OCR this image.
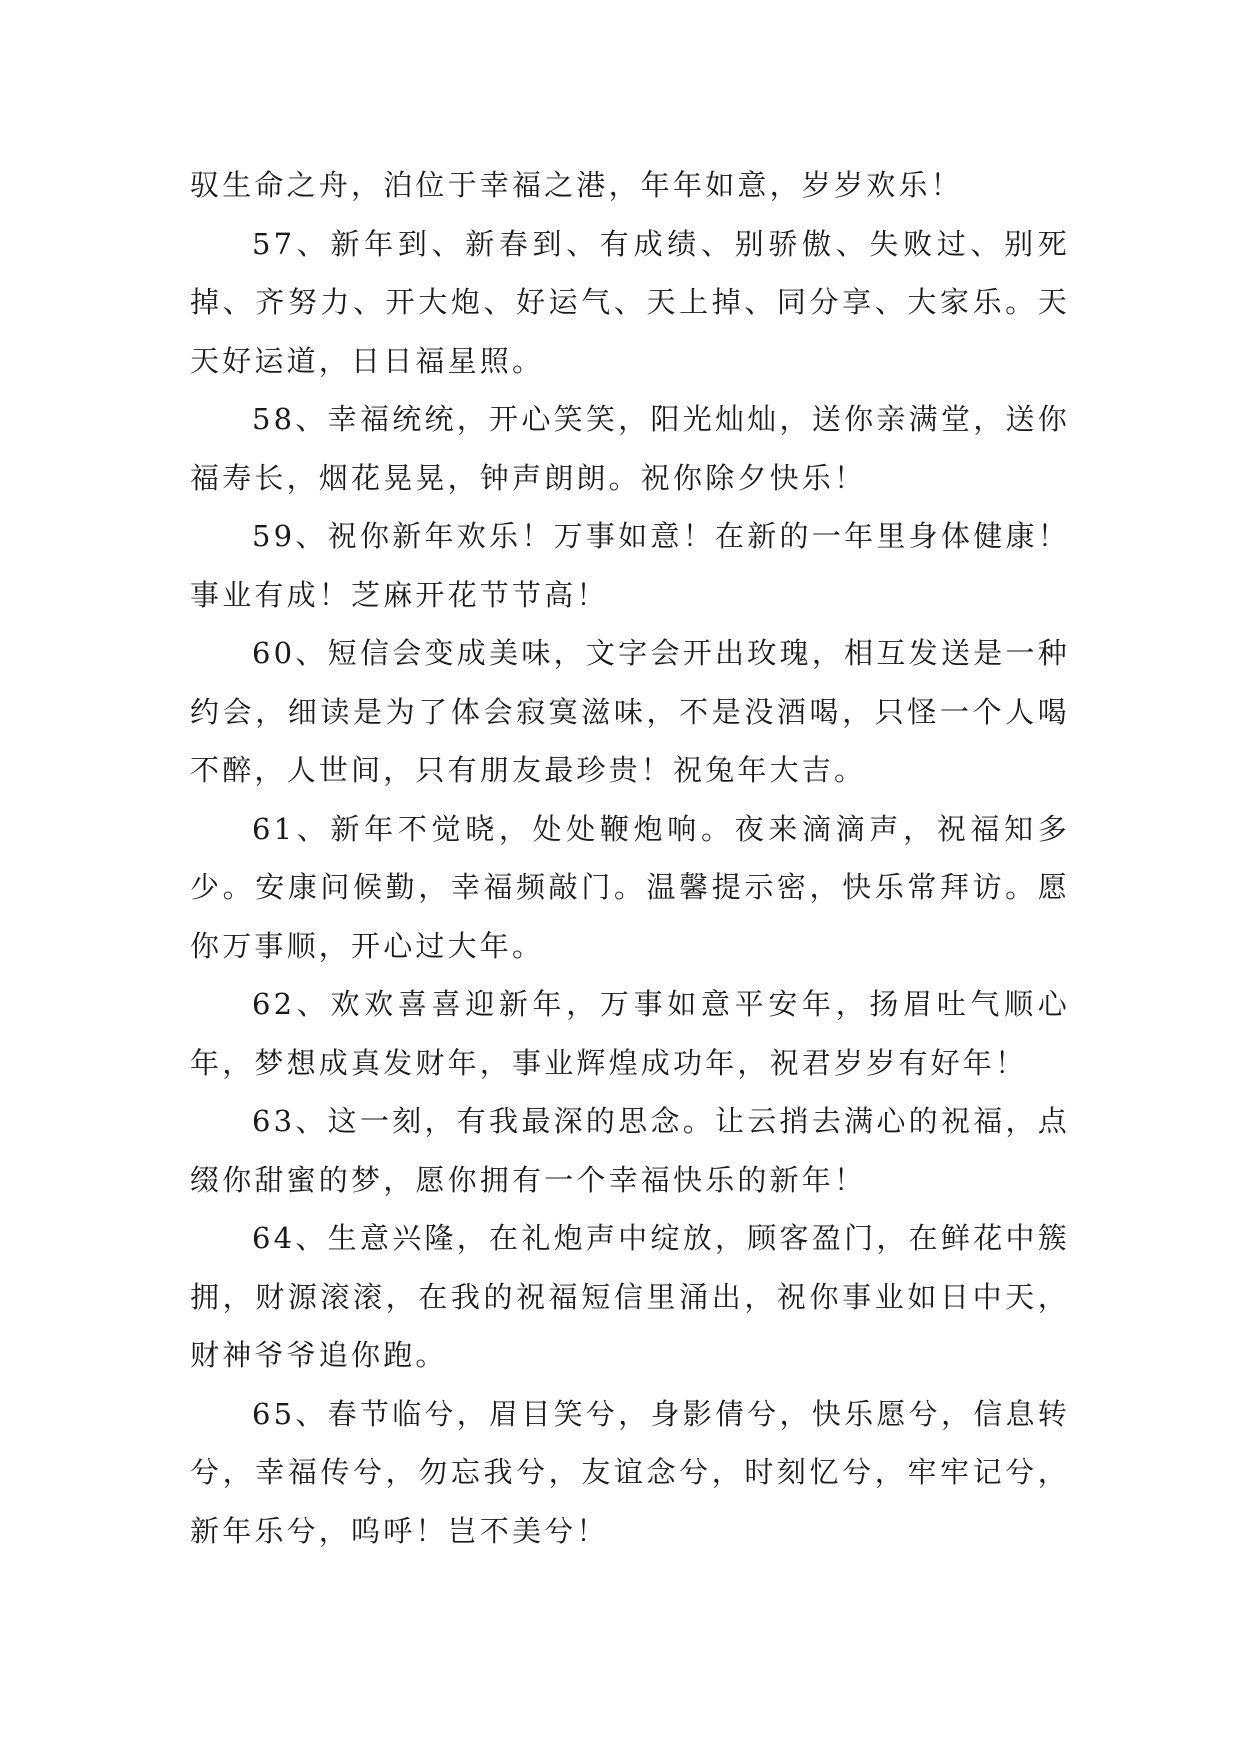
驭生命之舟，泊位于幸福之港，年年如意，岁岁欢乐！

57、新年到、新春到、有成绩、别骄傲、失败过、别死掉、齐努力、开大炮、好运气、天上掉、同分享、大家乐。天天好运道，日日福星照。

58、幸福统统，开心笑笑，阳光灿灿，送你亲满堂，送你福寿长，烟花晃晃，钟声朗朗。祝你除夕快乐！

59、祝你新年欢乐！万事如意！在新的一年里身体健康！事业有成！芝麻开花节节高！

60、短信会变成美味，文字会开出玫瑰，相互发送是一种约会，细读是为了体会寂寞滋味，不是没酒喝，只怪一个人喝不醉，人世间，只有朋友最珍贵！祝兔年大吉。

61、新年不觉晓，处处鞭炮响。夜来滴滴声，祝福知多少。安康问候勤，幸福频敲门。温馨提示密，快乐常拜访。愿你万事顺，开心过大年。

62、欢欢喜喜迎新年，万事如意平安年，扬眉吐气顺心年，梦想成真发财年，事业辉煌成功年，祝君岁岁有好年！

63、这一刻，有我最深的思念。让云捎去满心的祝福，点缀你甜蜜的梦，愿你拥有一个幸福快乐的新年！

64、生意兴隆，在礼炮声中绽放，顾客盈门，在鲜花中簇拥，财源滚滚，在我的祝福短信里涌出，祝你事业如日中天，财神爷爷追你跑。

65、春节临兮，眉目笑兮，身影倩兮，快乐愿兮，信息转兮，幸福传兮，勿忘我兮，友谊念兮，时刻忆兮，牢牢记兮，新年乐兮，呜呼！岂不美兮！
